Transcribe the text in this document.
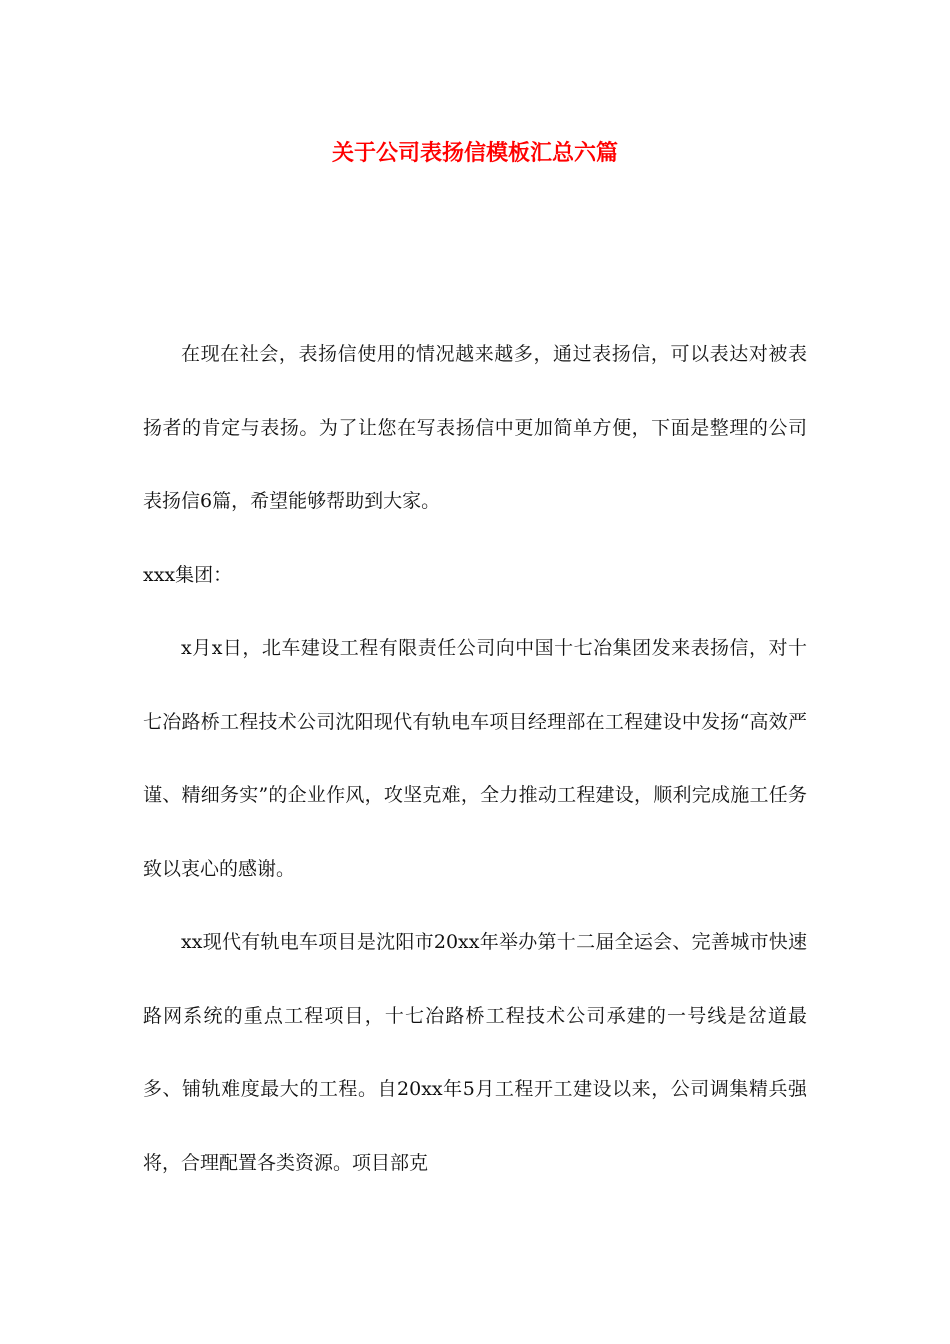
关于公司表扬信模板汇总六篇

在现在社会，表扬信使用的情况越来越多，通过表扬信，可以表达对被表扬者的肯定与表扬。为了让您在写表扬信中更加简单方便，下面是整理的公司表扬信6篇，希望能够帮助到大家。

xxx集团：

x月x日，北车建设工程有限责任公司向中国十七冶集团发来表扬信，对十七冶路桥工程技术公司沈阳现代有轨电车项目经理部在工程建设中发扬“高效严谨、精细务实”的企业作风，攻坚克难，全力推动工程建设，顺利完成施工任务致以衷心的感谢。

xx现代有轨电车项目是沈阳市20xx年举办第十二届全运会、完善城市快速路网系统的重点工程项目，十七冶路桥工程技术公司承建的一号线是岔道最多、铺轨难度最大的工程。自20xx年5月工程开工建设以来，公司调集精兵强将，合理配置各类资源。项目部克
